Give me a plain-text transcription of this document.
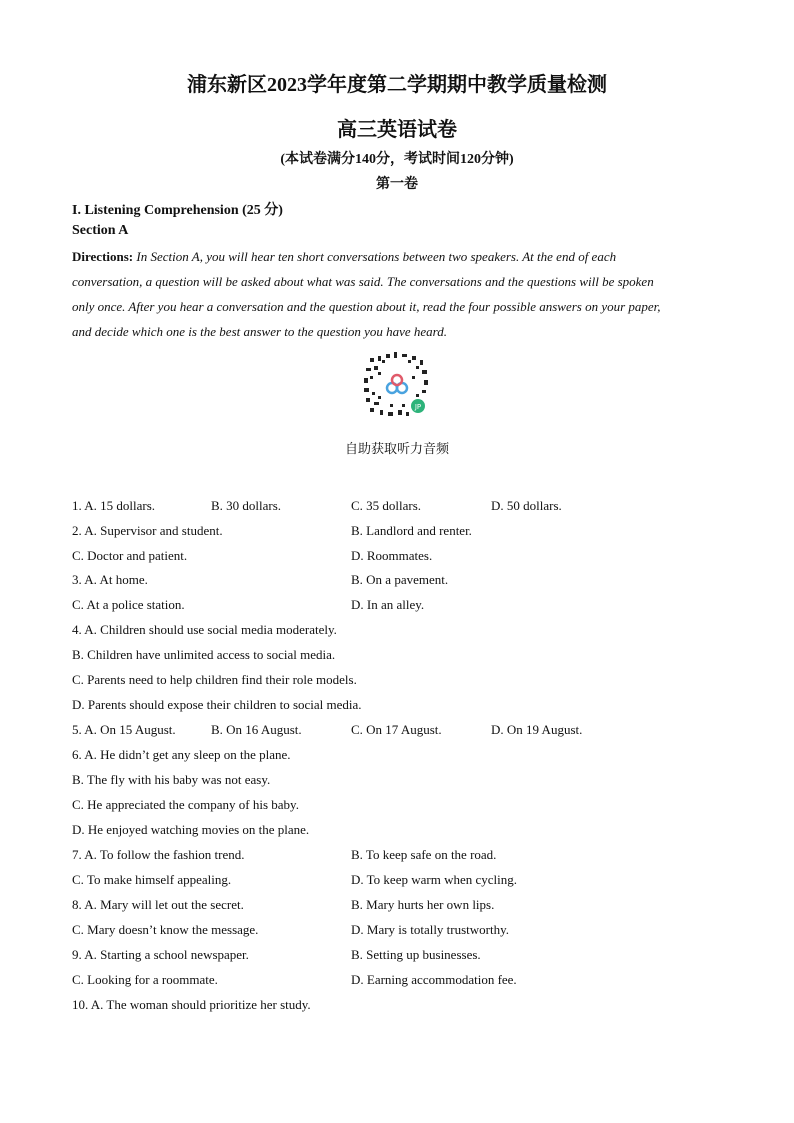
浦东新区2023学年度第二学期期中教学质量检测
高三英语试卷
(本试卷满分140分，考试时间120分钟)
第一卷
I. Listening Comprehension (25 分)
Section A
Directions: In Section A, you will hear ten short conversations between two speakers. At the end of each
conversation, a question will be asked about what was said. The conversations and the questions will be spoken
only once. After you hear a conversation and the question about it, read the four possible answers on your paper,
and decide which one is the best answer to the question you have heard.
JP
自助获取听力音频
1. A. 15 dollars.	B. 30 dollars.	C. 35 dollars.	D. 50 dollars.
2. A. Supervisor and student.	B. Landlord and renter.
C. Doctor and patient.	D. Roommates.
3. A. At home.	B. On a pavement.
C. At a police station.	D. In an alley.
4. A. Children should use social media moderately.
B. Children have unlimited access to social media.
C. Parents need to help children find their role models.
D. Parents should expose their children to social media.
5. A. On 15 August.	B. On 16 August.	C. On 17 August.	D. On 19 August.
6. A. He didn’t get any sleep on the plane.
B. The fly with his baby was not easy.
C. He appreciated the company of his baby.
D. He enjoyed watching movies on the plane.
7. A. To follow the fashion trend.	B. To keep safe on the road.
C. To make himself appealing.	D. To keep warm when cycling.
8. A. Mary will let out the secret.	B. Mary hurts her own lips.
C. Mary doesn’t know the message.	D. Mary is totally trustworthy.
9. A. Starting a school newspaper.	B. Setting up businesses.
C. Looking for a roommate.	D. Earning accommodation fee.
10. A. The woman should prioritize her study.
